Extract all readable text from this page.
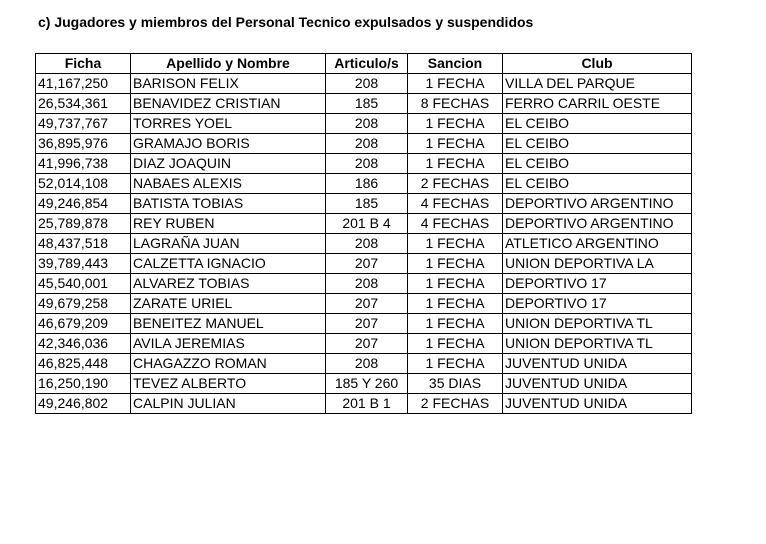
c) Jugadores y miembros del Personal Tecnico expulsados y suspendidos
Ficha	Apellido y Nombre	Articulo/s	Sancion	Club
41,167,250	BARISON FELIX	208	1 FECHA	VILLA DEL PARQUE
26,534,361	BENAVIDEZ CRISTIAN	185	8 FECHAS	FERRO CARRIL OESTE
49,737,767	TORRES YOEL	208	1 FECHA	EL CEIBO
36,895,976	GRAMAJO BORIS	208	1 FECHA	EL CEIBO
41,996,738	DIAZ JOAQUIN	208	1 FECHA	EL CEIBO
52,014,108	NABAES ALEXIS	186	2 FECHAS	EL CEIBO
49,246,854	BATISTA TOBIAS	185	4 FECHAS	DEPORTIVO ARGENTINO
25,789,878	REY RUBEN	201 B 4	4 FECHAS	DEPORTIVO ARGENTINO
48,437,518	LAGRAÑA JUAN	208	1 FECHA	ATLETICO ARGENTINO
39,789,443	CALZETTA IGNACIO	207	1 FECHA	UNION DEPORTIVA LA
45,540,001	ALVAREZ TOBIAS	208	1 FECHA	DEPORTIVO 17
49,679,258	ZARATE URIEL	207	1 FECHA	DEPORTIVO 17
46,679,209	BENEITEZ MANUEL	207	1 FECHA	UNION DEPORTIVA TL
42,346,036	AVILA JEREMIAS	207	1 FECHA	UNION DEPORTIVA TL
46,825,448	CHAGAZZO ROMAN	208	1 FECHA	JUVENTUD UNIDA
16,250,190	TEVEZ ALBERTO	185 Y 260	35 DIAS	JUVENTUD UNIDA
49,246,802	CALPIN JULIAN	201 B 1	2 FECHAS	JUVENTUD UNIDA
